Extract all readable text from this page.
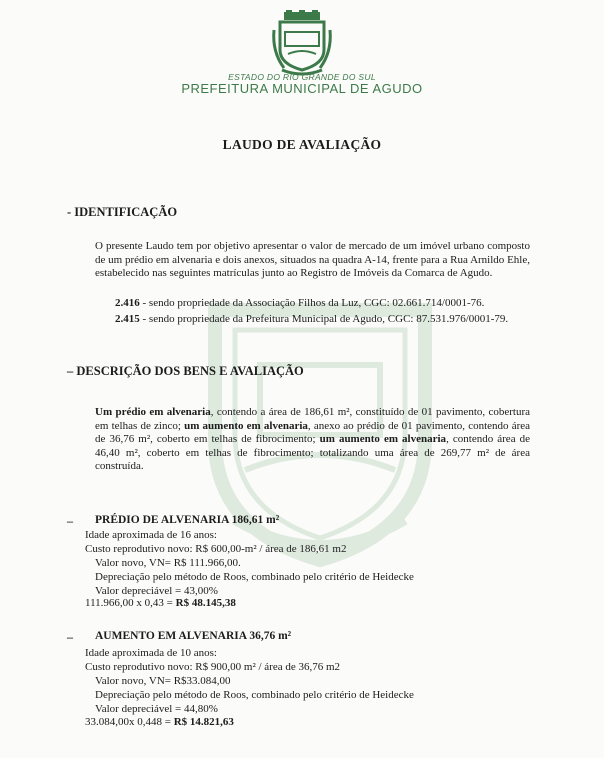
ESTADO DO RIO GRANDE DO SUL
PREFEITURA MUNICIPAL DE AGUDO
LAUDO DE AVALIAÇÃO
- IDENTIFICAÇÃO

O presente Laudo tem por objetivo apresentar o valor de mercado de um imóvel urbano composto de um prédio em alvenaria e dois anexos, situados na quadra A-14, frente para a Rua Arnildo Ehle, estabelecido nas seguintes matrículas junto ao Registro de Imóveis da Comarca de Agudo.

2.416 - sendo propriedade da Associação Filhos da Luz, CGC: 02.661.714/0001-76.
2.415 - sendo propriedade da Prefeitura Municipal de Agudo, CGC: 87.531.976/0001-79.
– DESCRIÇÃO DOS BENS E AVALIAÇÃO

Um prédio em alvenaria, contendo a área de 186,61 m², constituído de 01 pavimento, cobertura em telhas de zinco; um aumento em alvenaria, anexo ao prédio de 01 pavimento, contendo área de 36,76 m², coberto em telhas de fibrocimento; um aumento em alvenaria, contendo área de 46,40 m², coberto em telhas de fibrocimento; totalizando uma área de 269,77 m² de área construída.

– PRÉDIO DE ALVENARIA 186,61 m²
Idade aproximada de 16 anos:
Custo reprodutivo novo: R$ 600,00-m² / área de 186,61 m2
Valor novo, VN= R$ 111.966,00.
Depreciação pelo método de Roos, combinado pelo critério de Heidecke
Valor depreciável = 43,00%
111.966,00 x 0,43 = R$ 48.145,38
– AUMENTO EM ALVENARIA 36,76 m²
Idade aproximada de 10 anos:
Custo reprodutivo novo: R$ 900,00 m² / área de 36,76 m2
Valor novo, VN= R$33.084,00
Depreciação pelo método de Roos, combinado pelo critério de Heidecke
Valor depreciável = 44,80%
33.084,00x 0,448 = R$ 14.821,63
